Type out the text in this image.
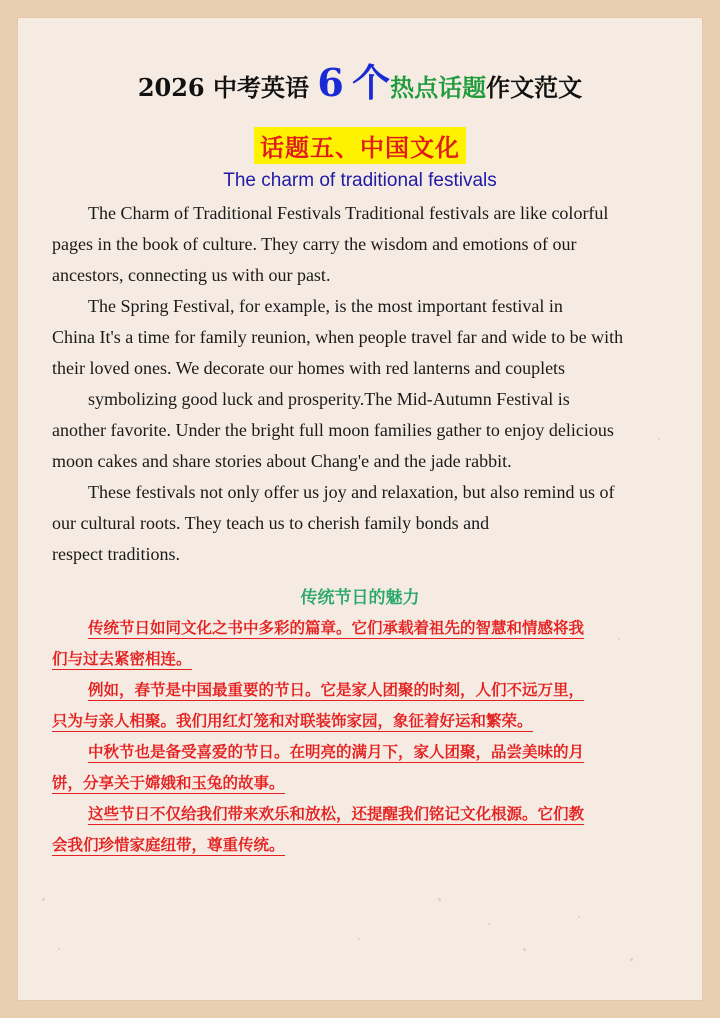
2026 中考英语 6 个热点话题作文范文
话题五、中国文化
The charm of traditional festivals
The Charm of Traditional Festivals Traditional festivals are like colorful
pages in the book of culture. They carry the wisdom and emotions of our
ancestors, connecting us with our past.
The Spring Festival, for example, is the most important festival in
China It's a time for family reunion, when people travel far and wide to be with
their loved ones. We decorate our homes with red lanterns and couplets
symbolizing good luck and prosperity.The Mid-Autumn Festival is
another favorite. Under the bright full moon families gather to enjoy delicious
moon cakes and share stories about Chang'e and the jade rabbit.
These festivals not only offer us joy and relaxation, but also remind us of
our cultural roots. They teach us to cherish family bonds and
respect traditions.
传统节日的魅力
传统节日如同文化之书中多彩的篇章。它们承载着祖先的智慧和情感将我
们与过去紧密相连。
例如，春节是中国最重要的节日。它是家人团聚的时刻，人们不远万里，
只为与亲人相聚。我们用红灯笼和对联装饰家园，象征着好运和繁荣。
中秋节也是备受喜爱的节日。在明亮的满月下，家人团聚，品尝美味的月
饼，分享关于嫦娥和玉兔的故事。
这些节日不仅给我们带来欢乐和放松，还提醒我们铭记文化根源。它们教
会我们珍惜家庭纽带，尊重传统。
